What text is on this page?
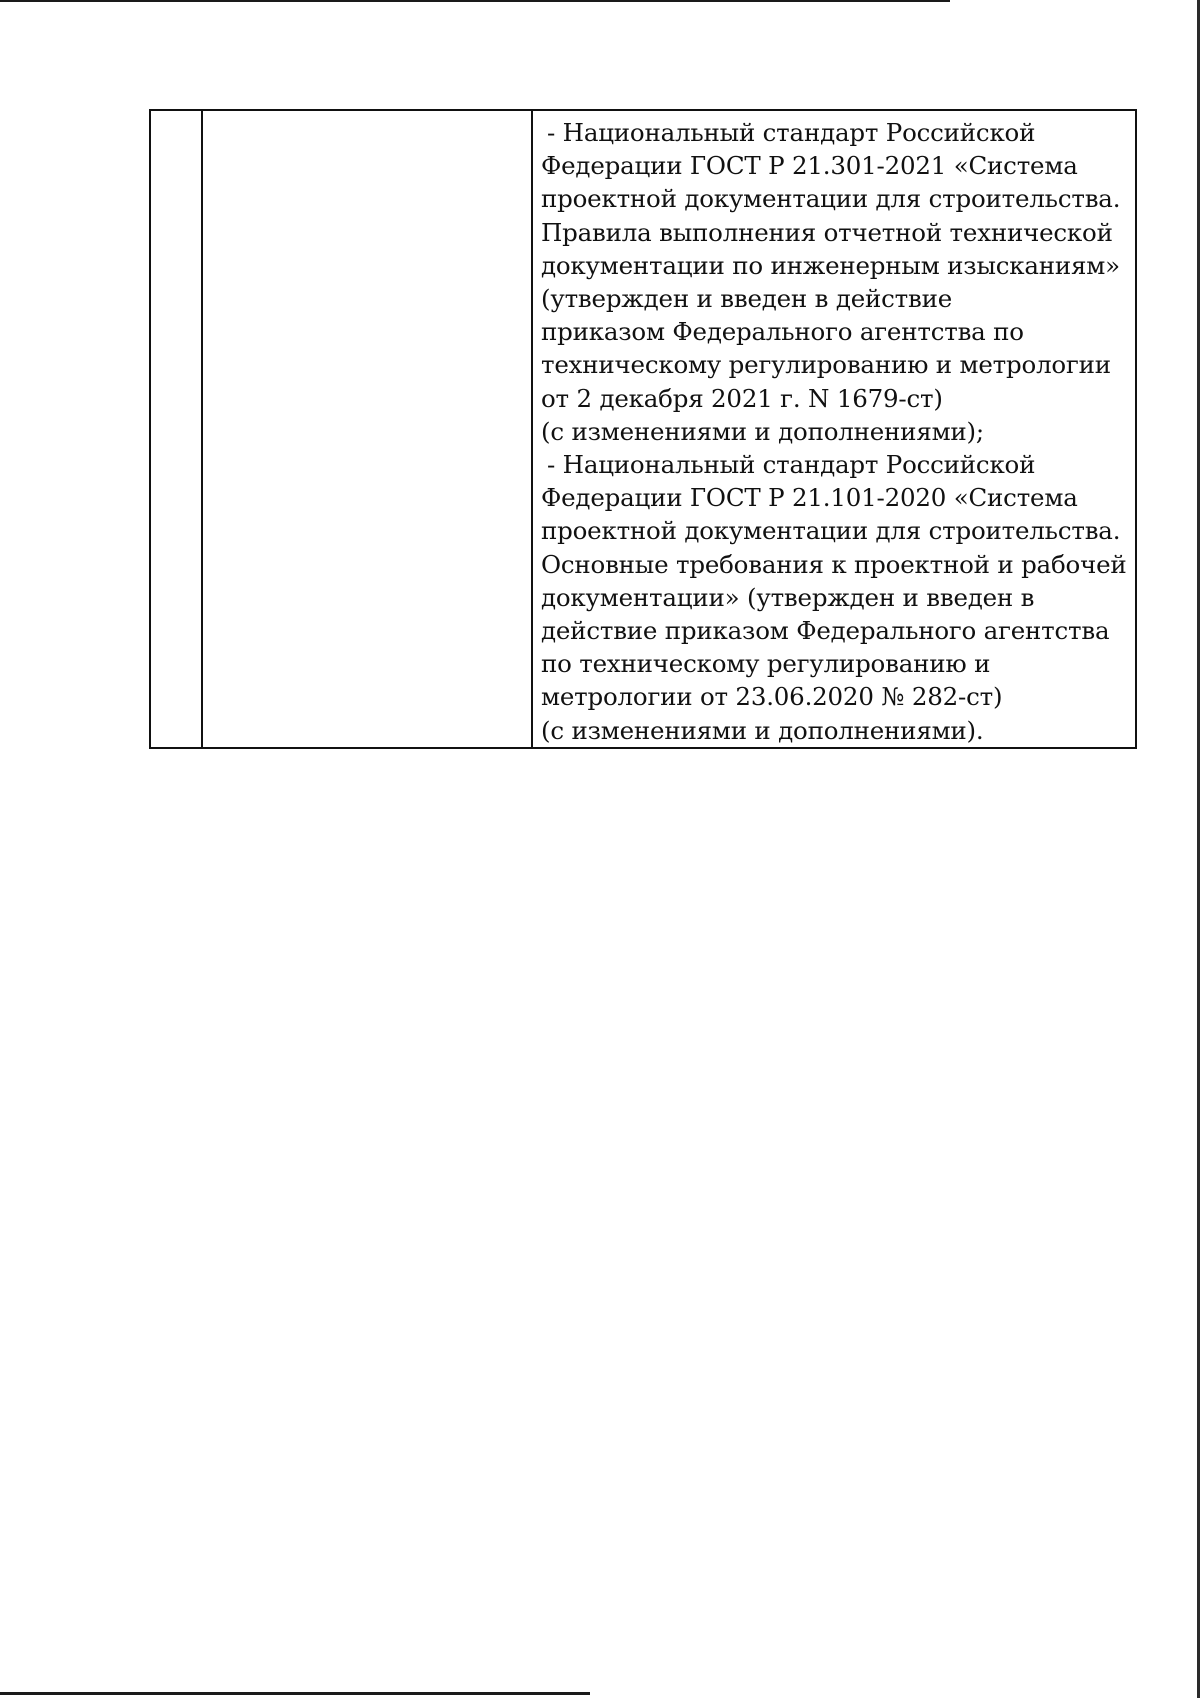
- Национальный стандарт Российской
Федерации ГОСТ Р 21.301-2021 «Система
проектной документации для строительства.
Правила выполнения отчетной технической
документации по инженерным изысканиям»
(утвержден и введен в действие
приказом Федерального агентства по
техническому регулированию и метрологии
от 2 декабря 2021 г. N 1679-ст)
(с изменениями и дополнениями);
- Национальный стандарт Российской
Федерации ГОСТ Р 21.101-2020 «Система
проектной документации для строительства.
Основные требования к проектной и рабочей
документации» (утвержден и введен в
действие приказом Федерального агентства
по техническому регулированию и
метрологии от 23.06.2020 № 282-ст)
(с изменениями и дополнениями).
